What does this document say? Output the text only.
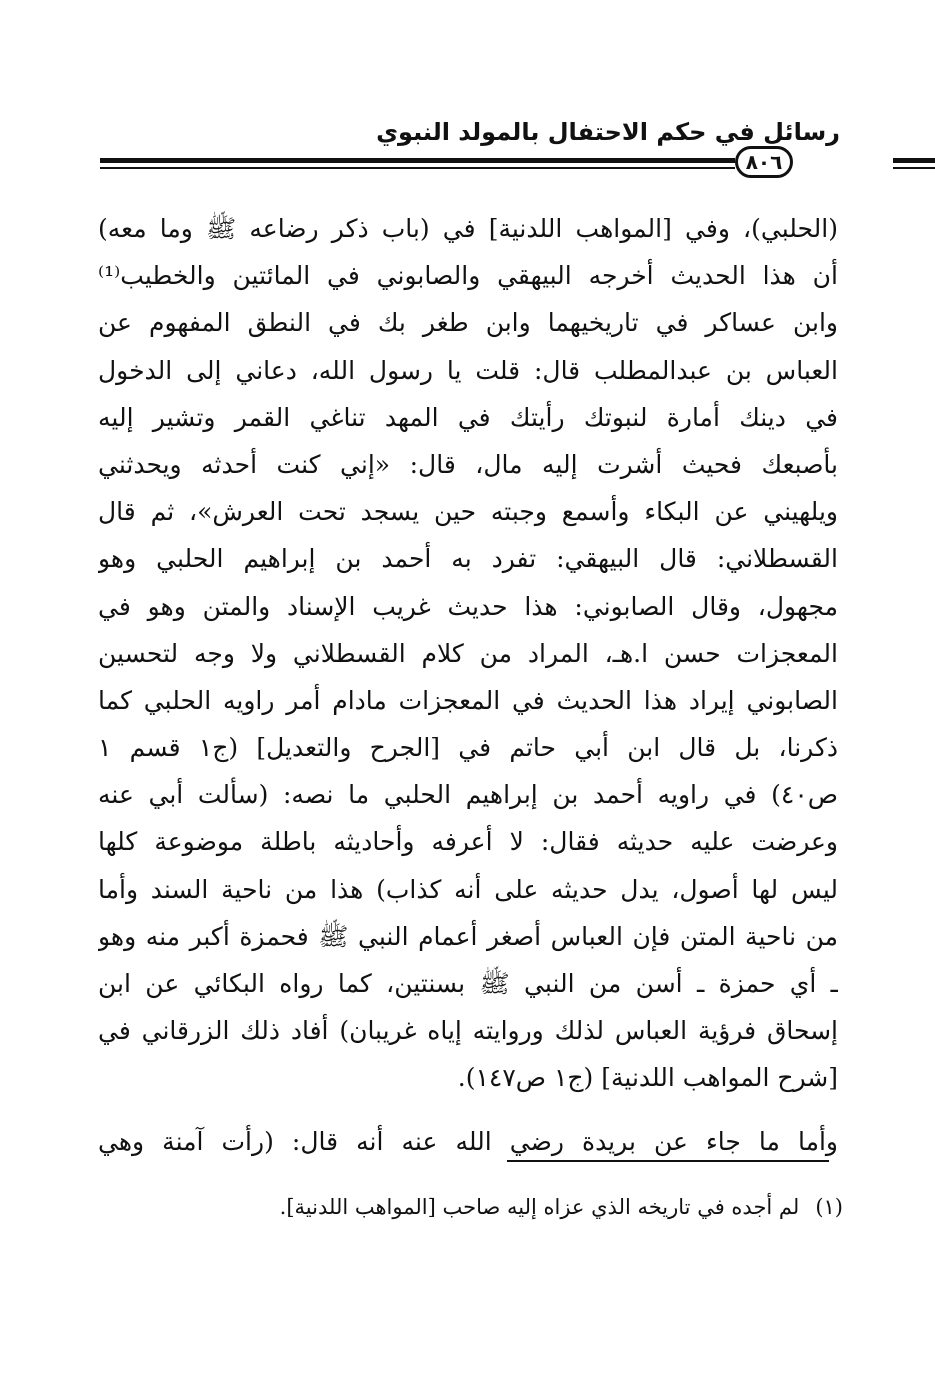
رسائل في حكم الاحتفال بالمولد النبوي
٨٠٦
(الحلبي)، وفي [المواهب اللدنية] في (باب ذكر رضاعه ﷺ وما معه)
أن هذا الحديث أخرجه البيهقي والصابوني في المائتين والخطيب⁽¹⁾
وابن عساكر في تاريخيهما وابن طغر بك في النطق المفهوم عن
العباس بن عبدالمطلب قال: قلت يا رسول الله، دعاني إلى الدخول
في دينك أمارة لنبوتك رأيتك في المهد تناغي القمر وتشير إليه
بأصبعك فحيث أشرت إليه مال، قال: «إني كنت أحدثه ويحدثني
ويلهيني عن البكاء وأسمع وجبته حين يسجد تحت العرش»، ثم قال
القسطلاني: قال البيهقي: تفرد به أحمد بن إبراهيم الحلبي وهو
مجهول، وقال الصابوني: هذا حديث غريب الإسناد والمتن وهو في
المعجزات حسن ا.هـ، المراد من كلام القسطلاني ولا وجه لتحسين
الصابوني إيراد هذا الحديث في المعجزات مادام أمر راويه الحلبي كما
ذكرنا، بل قال ابن أبي حاتم في [الجرح والتعديل] (ج١ قسم ١
ص٤٠) في راويه أحمد بن إبراهيم الحلبي ما نصه: (سألت أبي عنه
وعرضت عليه حديثه فقال: لا أعرفه وأحاديثه باطلة موضوعة كلها
ليس لها أصول، يدل حديثه على أنه كذاب) هذا من ناحية السند وأما
من ناحية المتن فإن العباس أصغر أعمام النبي ﷺ فحمزة أكبر منه وهو
ـ أي حمزة ـ أسن من النبي ﷺ بسنتين، كما رواه البكائي عن ابن
إسحاق فرؤية العباس لذلك وروايته إياه غريبان) أفاد ذلك الزرقاني في
[شرح المواهب اللدنية] (ج١ ص١٤٧).
وأما ما جاء عن بريدة رضي الله عنه أنه قال: (رأت آمنة وهي
(١)لم أجده في تاريخه الذي عزاه إليه صاحب [المواهب اللدنية].
